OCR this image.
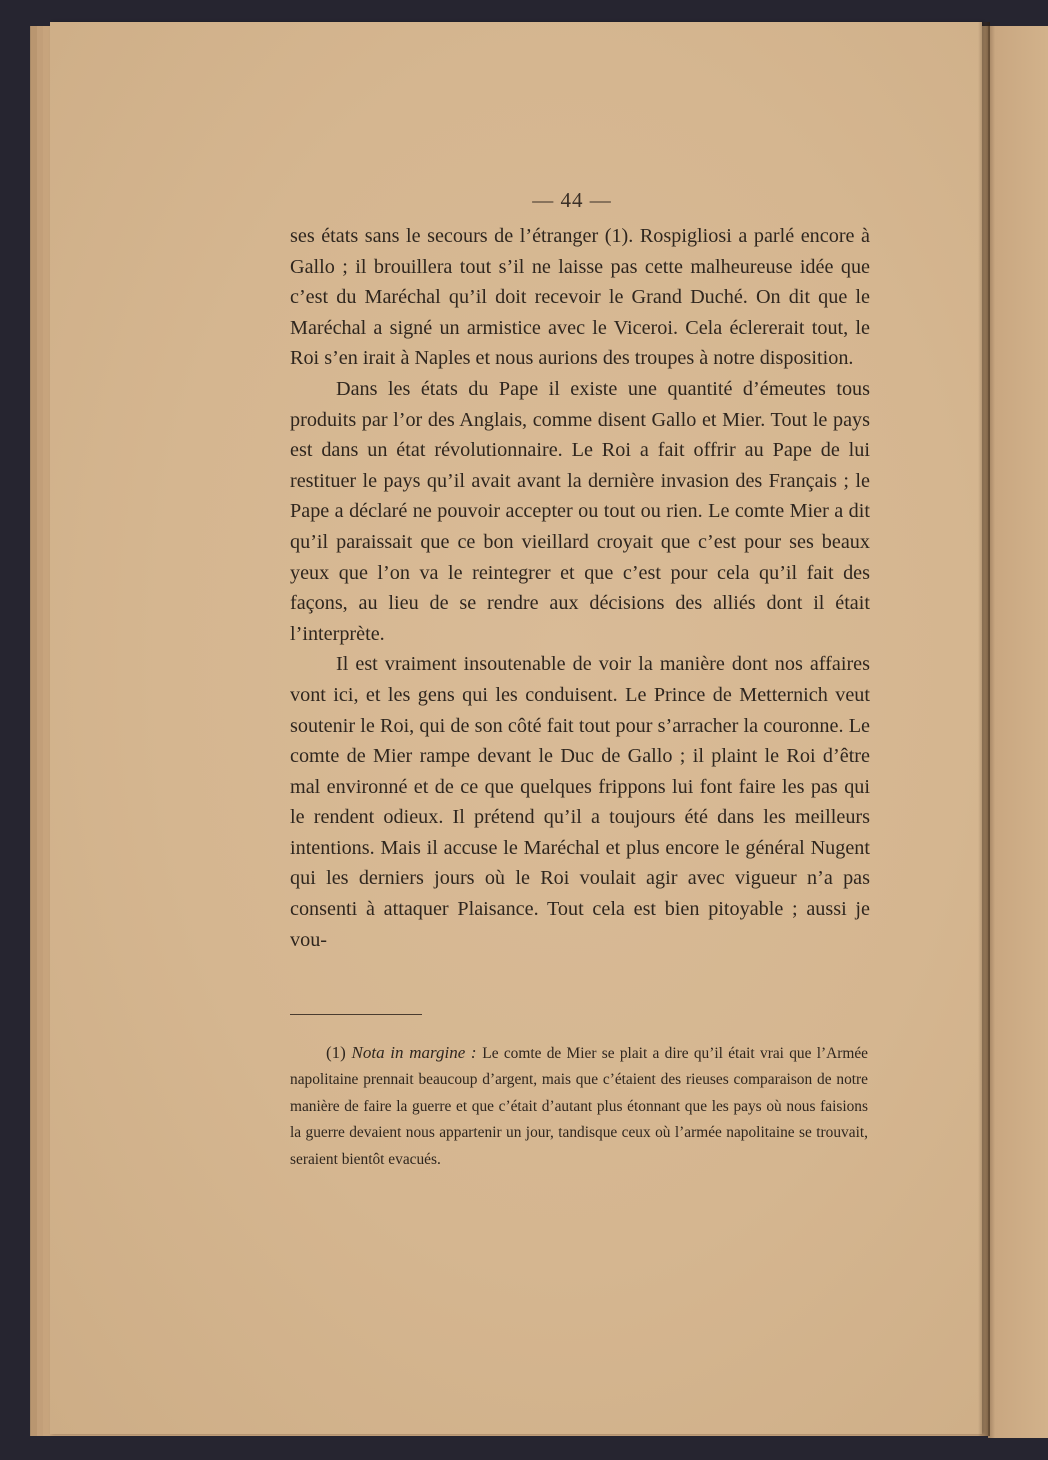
— 44 —

ses états sans le secours de l’étranger (1). Rospigliosi a parlé encore à Gallo ; il brouillera tout s’il ne laisse pas cette malheureuse idée que c’est du Maréchal qu’il doit recevoir le Grand Duché. On dit que le Maréchal a signé un armistice avec le Viceroi. Cela éclererait tout, le Roi s’en irait à Naples et nous aurions des troupes à notre disposition.

Dans les états du Pape il existe une quantité d’émeutes tous produits par l’or des Anglais, comme disent Gallo et Mier. Tout le pays est dans un état révolutionnaire. Le Roi a fait offrir au Pape de lui restituer le pays qu’il avait avant la dernière invasion des Français ; le Pape a déclaré ne pouvoir accepter ou tout ou rien. Le comte Mier a dit qu’il paraissait que ce bon vieillard croyait que c’est pour ses beaux yeux que l’on va le reintegrer et que c’est pour cela qu’il fait des façons, au lieu de se rendre aux décisions des alliés dont il était l’interprète.

Il est vraiment insoutenable de voir la manière dont nos affaires vont ici, et les gens qui les conduisent. Le Prince de Metternich veut soutenir le Roi, qui de son côté fait tout pour s’arracher la couronne. Le comte de Mier rampe devant le Duc de Gallo ; il plaint le Roi d’être mal environné et de ce que quelques frippons lui font faire les pas qui le rendent odieux. Il prétend qu’il a toujours été dans les meilleurs intentions. Mais il accuse le Maréchal et plus encore le général Nugent qui les derniers jours où le Roi voulait agir avec vigueur n’a pas consenti à attaquer Plaisance. Tout cela est bien pitoyable ; aussi je vou-

(1) Nota in margine : Le comte de Mier se plait a dire qu’il était vrai que l’Armée napolitaine prennait beaucoup d’argent, mais que c’étaient des rieuses comparaison de notre manière de faire la guerre et que c’était d’autant plus étonnant que les pays où nous faisions la guerre devaient nous appartenir un jour, tandisque ceux où l’armée napolitaine se trouvait, seraient bientôt evacués.
